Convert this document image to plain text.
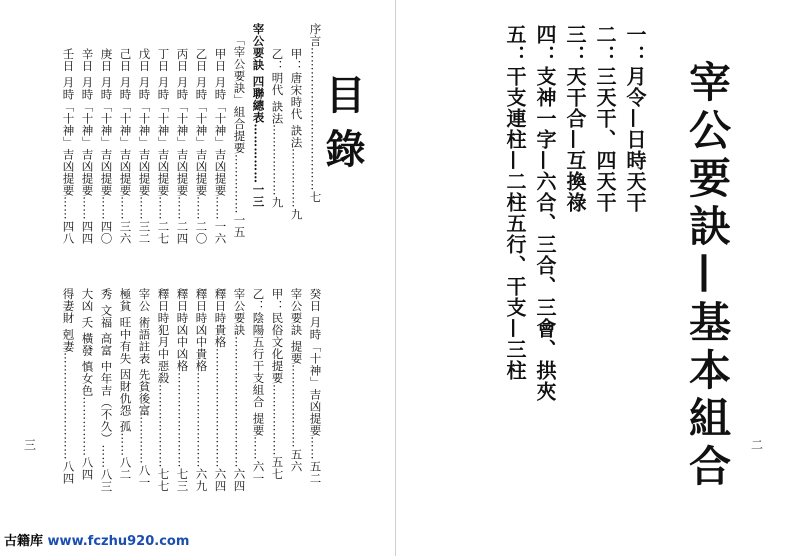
目錄
序言………………………………七
甲：唐宋時代 訣法……………九
乙：明代 訣法………………九
宰公要訣 四聯總表……………一三
「宰公要訣」組合提要……………一五
甲日 月時「十神」吉凶提要……一六
乙日 月時「十神」吉凶提要……二〇
丙日 月時「十神」吉凶提要……二四
丁日 月時「十神」吉凶提要……二七
戊日 月時「十神」吉凶提要……三二
己日 月時「十神」吉凶提要……三六
庚日 月時「十神」吉凶提要……四〇
辛日 月時「十神」吉凶提要……四四
壬日 月時「十神」吉凶提要……四八
癸日 月時「十神」吉凶提要……五二
宰公要訣 提要…………………五六
甲：民俗文化提要………………五七
乙：陰陽五行干支組合 提要……六一
宰公要訣……………………………六四
釋日時貴格…………………………六四
釋日時凶中貴格……………………六九
釋日時凶中凶格……………………七三
釋日時犯月中惡殺…………………七七
宰公 術語註表 先貧後富…………八一
極貧 旺中有失 因財仇怨 孤……八二
秀 文福 高富 中年吉（不久）……八三
大凶 夭 橫發 慎女色……………八四
得妻財 剋妻………………………八四
三	宰公要訣—基本組合
一：月令—日時天干
二：三天干、四天干
三：天干合—互換祿
四：支神一字—六合、三合、三會、拱夾
五：干支連柱—二柱五行、干支—三柱
二
古籍库 www.fczhu920.com
